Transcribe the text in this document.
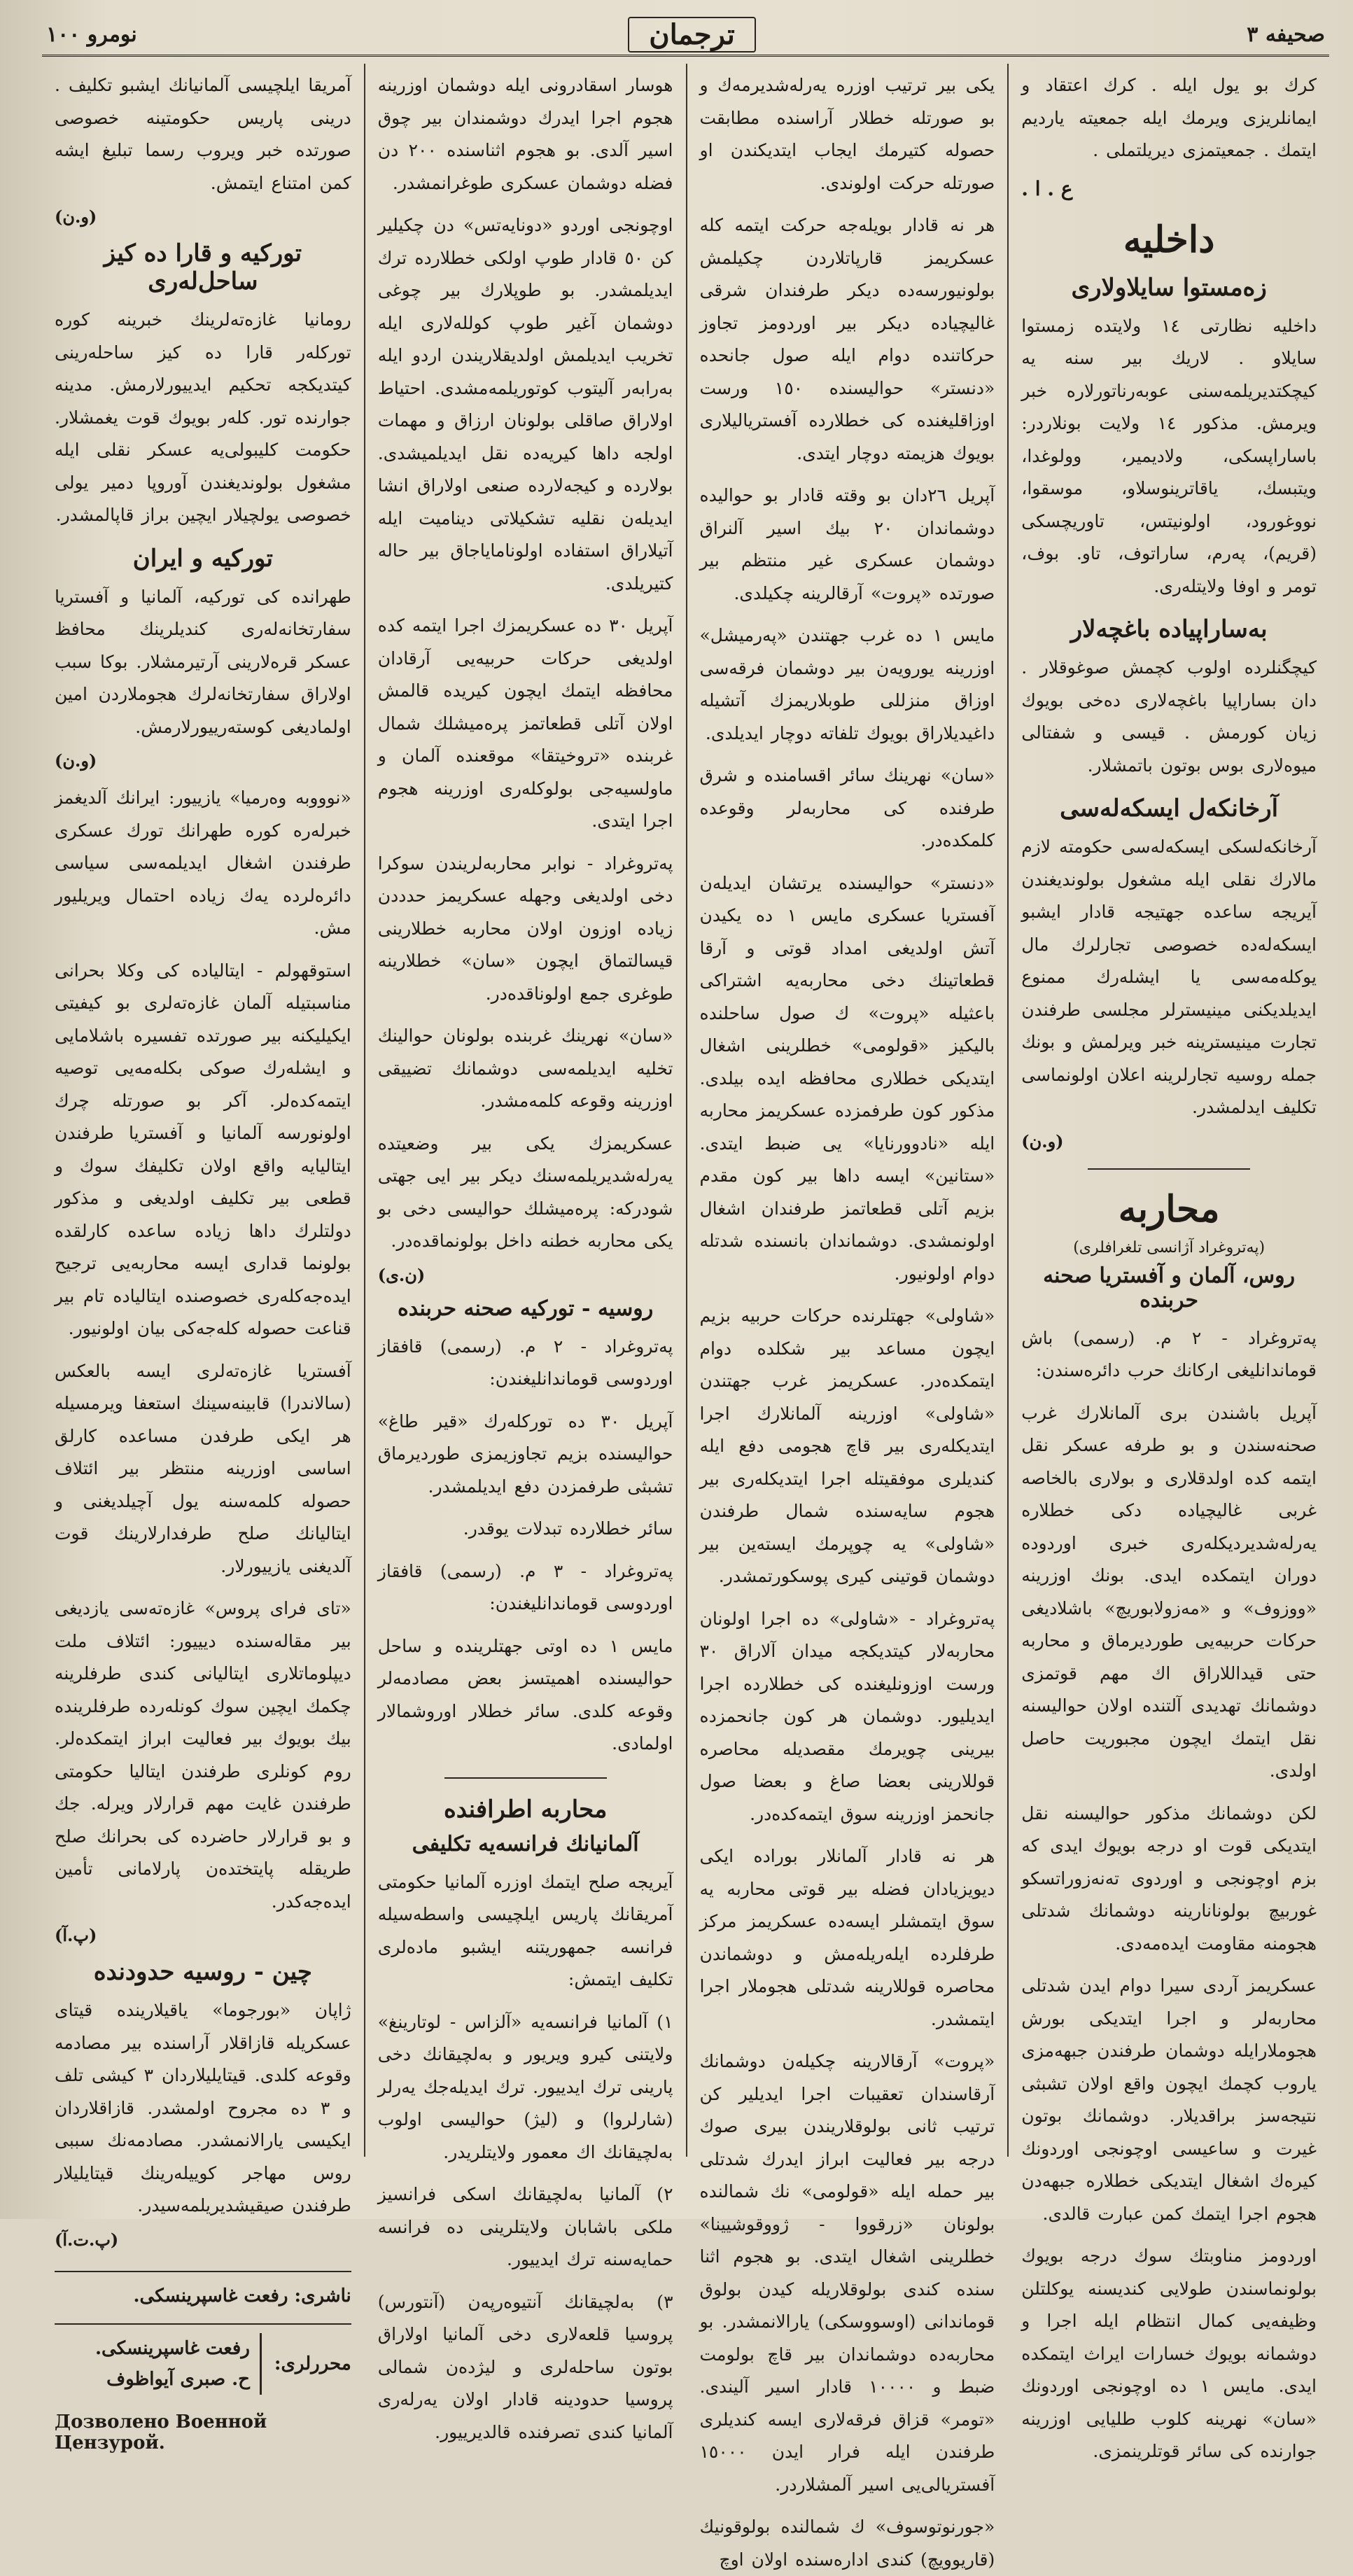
صحیفه ٣
ترجمان
نومرو ١٠٠

کرك بو یول ایله . کرك اعتقاد و ایمانلریزی ویرمك ایله جمعیته یاردیم ایتمك . جمعیتمزی دیریلتملی .

ع . ا .
داخلیه
زەمستوا سايلاولاری

داخلیه نظارتی ١٤ ولایتده زمستوا سایلاو . لاریك بیر سنه یه کیچکتدیریلمەسنی عوبەرناتورلاره خبر ویرمش. مذکور ١٤ ولایت بونلاردر: باساراپسکی، ولادیمیر، وولوغدا، ویتبسك، یاقاترینوسلاو، موسقوا، نووغورود، اولونیتس، تاوریچسکی (قریم)، پەرم، ساراتوف، تاو. بوف، تومر و اوفا ولایتلەری.

بەساراپیاده باغچەلار

کیچگنلرده اولوب کچمش صوغوقلار . دان بساراپیا باغچەلاری دەخی بویوك زیان کورمش . قیسی و شفتالی میوەلاری بوس بوتون باتمشلار.

آرخانکەل ایسکەلەسی

آرخانکەلسکی ایسکەلەسی حکومته لازم مالارك نقلی ایله مشغول بولوندیغندن آیریجه ساعده جهتیجه قادار ایشبو ایسکەلەده خصوصی تجارلرك مال یوکلەمەسی یا ایشلەرك ممنوع ایدیلدیکنی مینیسترلر مجلسی طرفندن تجارت مینیسترینه خبر ویرلمش و بونك جمله روسیه تجارلرینه اعلان اولونماسی تکلیف ایدلمشدر.

(و.ن)
محاربە
(پەتروغراد آژانسی تلغرافلری)
روس، آلمان و آفستریا صحنه حربنده

پەتروغراد - ٢ م. (رسمی) باش قوماندانلیغی ارکانك حرب دائرەسندن:

آپریل باشندن بری آلمانلارك غرب صحنەسندن و بو طرفه عسکر نقل ایتمه کده اولدقلاری و بولاری بالخاصه غربی غالیچیاده دکی خطلاره یەرلەشدیردیکلەری خبری اوردوده دوران ایتمکده ایدی. بونك اوزرینه «ووزوف» و «مەزولابوریچ» باشلادیغی حرکات حربیەیی طوردیرماق و محاربه حتی قیداللاراق اك مهم قوتمزی دوشمانك تهدیدی آلتنده اولان حوالیسنه نقل ایتمك ایچون مجبوریت حاصل اولدی.

لکن دوشمانك مذکور حوالیسنه نقل ایتدیکی قوت او درجه بویوك ایدی که بزم اوچونجی و اوردوی تەنەزوراتسکو غوربیچ بولونانارینه دوشمانك شدتلی هجومنه مقاومت ایده‌مەدی.

عسکریمز آردی سیرا دوام ایدن شدتلی محاربەلر و اجرا ایتدیکی بورش هجوملارایله دوشمان طرفندن جبهەمزی یاروب کچمك ایچون واقع اولان تشبثی نتیجەسز براقدیلار. دوشمانك بوتون غیرت و ساعیسی اوچونجی اوردونك کیرەك اشغال ایتدیکی خطلاره جبهەدن هجوم اجرا ایتمك کمن عبارت قالدی.

اوردومز مناوبتك سوك درجه بویوك بولونماسندن طولایی کندیسنه یوکلتلن وظیفه‌یی کمال انتظام ایله اجرا و دوشمانه بویوك خسارات ایراث ایتمکده ایدی. مایس ١ ده اوچونجی اوردونك «سان» نهرینه کلوب طلیایی اوزرینه جوارنده کی سائر قوتلرینمزی.

یکی بیر ترتیب اوزره یەرلەشدیرمەك و بو صورتله خطلار آراسنده مطابقت حصوله کتیرمك ایجاب ایتدیکندن او صورتله حرکت اولوندی.

هر نه قادار بویلەجه حرکت ایتمه کله عسکریمز قارپاتلاردن چکیلمش بولونیورسەده دیکر طرفندان شرقی غالیچیاده دیکر بیر اوردومز تجاوز حرکاتنده دوام ایله صول جانحده «دنستر» حوالیسنده ١٥٠ ورست اوزاقلیغنده کی خطلارده آفستریالیلاری بویوك هزیمته دوچار ایتدی.

آپریل ٢٦دان بو وقته قادار بو حوالیده دوشماندان ٢٠ بیك اسیر آلنراق دوشمان عسکری غیر منتظم بیر صورتده «پروت» آرقالرینه چکیلدی.

مایس ١ ده غرب جهتندن «پەرمیشل» اوزرینه یورویەن بیر دوشمان فرقەسی اوزاق منزللی طوبلاریمزك آتشیله داغیدیلاراق بویوك تلفاته دوچار ایدیلدی.

«سان» نهرینك سائر اقسامنده و شرق طرفنده کی محاربه‌لر وقوعده کلمکده‌در.

«دنستر» حوالیسنده یرتشان ایدیلەن آفستریا عسکری مایس ١ ده یکیدن آتش اولدیغی امداد قوتی و آرقا قطعاتینك دخی محاربه‌یه اشتراکی باعثیله «پروت» ك صول ساحلنده بالیکیز «قولومی» خطلرینی اشغال ایتدیکی خطلاری محافظه ایده بیلدی. مذکور کون طرفمزده عسکریمز محاربه ایله «نادوورنایا» یی ضبط ایتدی. «ستانین» ایسه داها بیر کون مقدم بزیم آتلی قطعاتمز طرفندان اشغال اولونمشدی. دوشماندان بانسنده شدتله دوام اولونیور.

«شاولی» جهتلرنده حرکات حربیه بزیم ایچون مساعد بیر شکلده دوام ایتمکده‌در. عسکریمز غرب جهتندن «شاولی» اوزرینه آلمانلارك اجرا ایتدیکلەری بیر قاچ هجومی دفع ایله کندیلری موفقیتله اجرا ایتدیکلەری بیر هجوم سایەسنده شمال طرفندن «شاولی» یه چوپرمك ایسته‌ین بیر دوشمان قوتینی کیری پوسکورتمشدر.

پەتروغراد - «شاولی» ده اجرا اولونان محاربه‌لار کیتدیکجه میدان آلاراق ٣٠ ورست اوزونلیغنده کی خطلارده اجرا ایدیلیور. دوشمان هر کون جانحمزده بیرینی چویرمك مقصدیله محاصره قوللارینی بعضا صاغ و بعضا صول جانحمز اوزرینه سوق ایتمه‌کده‌در.

هر نه قادار آلمانلار بوراده ایکی دیویزیادان فضله بیر قوتی محاربه یه سوق ایتمشلر ایسه‌ده عسکریمز مرکز طرفلرده ایله‌ریله‌مش و دوشماندن محاصره قوللارینه شدتلی هجوملار اجرا ایتمشدر.

«پروت» آرقالارینه چکیله‌ن دوشمانك آرقاسندان تعقیبات اجرا ایدیلیر کن ترتیب ثانی بولوقلاریندن بیری صوك درجه بیر فعالیت ابراز ایدرك شدتلی بیر حمله ایله «قولومی» نك شمالنده بولونان «زرقووا - ژووقوشیینا» خطلرینی اشغال ایتدی. بو هجوم اثنا سنده کندی بولوقلاریله کیدن بولوق قوماندانی (اوسووسکی) یارالانمشدر. بو محاربه‌ده دوشماندان بیر قاچ بولومت ضبط و ١٠٠٠٠ قادار اسیر آلیندی. «تومر» قزاق فرقه‌لاری ایسه کندیلری طرفندن ایله فرار ایدن ١٥٠٠٠ آفستریالی‌یی اسیر آلمشلاردر.

«جورنوتوسوف» ك شمالنده بولوقونیك (قاریوویچ) کندی ادارەسنده اولان اوچ

هوسار اسقادرونی ایله دوشمان اوزرینه هجوم اجرا ایدرك دوشمندان بیر چوق اسیر آلدی. بو هجوم اثناسنده ٢٠٠ دن فضله دوشمان عسکری طوغرانمشدر.

اوچونجی اوردو «دونایەتس» دن چکیلیر کن ٥٠ قادار طوپ اولکی خطلارده ترك ایدیلمشدر. بو طوپلارك بیر چوغی دوشمان آغیر طوپ کولله‌لاری ایله تخریب ایدیلمش اولدیقلاریندن اردو ایله بەرابەر آلیتوب کوتوریلمەمشدی. احتیاط اولاراق صاقلی بولونان ارزاق و مهمات اولجه داها کیریه‌ده نقل ایدیلمیشدی. بولارده و کیجەلارده صنعی اولاراق انشا ایدیلەن نقلیه تشکیلاتی دیناميت ایله آتیلاراق استفاده اولونامایاجاق بیر حاله کتیریلدی.

آپریل ٣٠ ده عسکریمزك اجرا ایتمه کده اولدیغی حرکات حربیه‌یی آرقادان محافظه ایتمك ایچون کیریده قالمش اولان آتلی قطعاتمز پرەمیشلك شمال غربنده «تروخیتقا» موقعنده آلمان و ماولسیه‌جی بولوکلەری اوزرینه هجوم اجرا ایتدی.

پەتروغراد - نوابر محاربه‌لریندن سوکرا دخی اولدیغی وجهله عسکریمز حدددن زیاده اوزون اولان محاربه خطلارینی قیسالتماق ایچون «سان» خطلارینه طوغری جمع اولوناقدەدر.

«سان» نهرینك غربنده بولونان حوالینك تخلیه ایدیلمەسی دوشمانك تضییقی اوزرینه وقوعه کلمه‌مشدر.

عسکریمزك یکی بیر وضعیتده یه‌رله‌شدیریلمەسنك دیکر بیر ایی جهتی شودر‌که: پرەمیشلك حوالیسی دخی بو یکی محاربه خطنه داخل بولونماقده‌در.

(ن.ی)
روسیه - تورکیه صحنه حربنده

پەتروغراد - ٢ م. (رسمی) قافقاز اوردوسی قوماندانلیغندن:

آپریل ٣٠ ده تورکلەرك «قیر طاغ» حوالیسنده بزیم تجاوزیمزی طوردیرماق تشبثی طرفمزدن دفع ایدیلمشدر.

سائر خطلارده تبدلات یوقدر.

پەتروغراد - ٣ م. (رسمی) قافقاز اوردوسی قوماندانلیغندن:

مایس ١ ده اوتی جهتلرینده و ساحل حوالیسنده اهمیتسز بعض مصادمه‌لر وقوعه کلدی. سائر خطلار اوروشمالار اولمادی.

محاربه اطرافنده
آلمانیانك فرانسه‌یه تکلیفی

آیریجه صلح ایتمك اوزره آلمانیا حکومتی آمریقانك پاریس ایلچیسی واسطەسیله فرانسه جمهوریتنه ایشبو ماده‌لری تکلیف ایتمش:

١) آلمانیا فرانسه‌یه «آلزاس - لوتارینغ» ولایتنی کیرو ویریور و بەلچیقانك دخی پارینی ترك ایدییور. ترك ایدیلەجك یه‌رلر (شارلروا) و (لیژ) حوالیسی اولوب بەلچیقانك اك معمور ولایتلریدر.

٢) آلمانیا بەلچیقانك اسکی فرانسیز ملکی باشابان ولایتلرینی ده فرانسه حمایه‌سنه ترك ایدییور.

٣) بەلچیقانك آنتیوەرپه‌ن (آنتورس) پروسیا قلعه‌لاری دخی آلمانیا اولاراق بوتون ساحله‌لری و لیژدەن شمالی پروسیا حدودینه قادار اولان یه‌رله‌ری آلمانیا کندی تصرفنده قالدیرییور.

آمریقا ایلچیسی آلمانیانك ایشبو تکلیف . درینی پاریس حکومتینه خصوصی صورتده خبر ویروب رسما تبلیغ ایشه کمن امتناع ایتمش.

(و.ن)
تورکیه و قارا ده کیز ساحل‌لەری

رومانیا غازەته‌لرینك خبرینه کوره تورکلەر قارا ده کیز ساحلەرینی کیتدیکجه تحکیم ایدییورلارمش. مدینه جوارنده تور. کلەر بویوك قوت یغمشلار. حکومت کلیبولی‌یه عسکر نقلی ایله مشغول بولوندیغندن آوروپا دمیر یولی خصوصی یولچیلار ایچین براز قاپالمشدر.

تورکیه و ایران

طهرانده کی تورکیه، آلمانیا و آفستریا سفارتخانه‌لەری کندیلرینك محافظ عسکر قره‌لارینی آرتیرمشلار. بوکا سبب اولاراق سفارتخانه‌لرك هجوملاردن امین اولمادیغی کوسته‌رییورلارمش.

(و.ن)

«نوووبه وەرمیا» یازییور: ایرانك آلدیغمز خبرلەره کوره طهرانك تورك عسکری طرفندن اشغال ایدیلمەسی سیاسی دائرەلرده یه‌ك زیاده احتمال ویریلیور مش.

استوقهولم - ایتالیاده کی وکلا بحرانی مناسبتیله آلمان غازەته‌لری بو کیفیتی ایکیلیکنه بیر صورتده تفسیره باشلامایی و ایشلەرك صوکی بکله‌مه‌یی توصیه ایتمه‌کده‌لر. آکر بو صورتله چرك اولونورسه آلمانیا و آفستریا طرفندن ایتالیایه واقع اولان تکلیفك سوك و قطعی بیر تکلیف اولدیغی و مذکور دولتلرك داها زیاده ساعده کارلقده بولونما قداری ایسه محاربه‌یی ترجیح ایده‌جه‌کلەری خصوصنده ایتالیاده تام بیر قناعت حصوله کله‌جه‌کی بیان اولونیور.

آفستریا غازەته‌لری ایسه بالعکس (سالاندرا) قابینه‌سینك استعفا ویرمسیله هر ایکی طرفدن مساعده کارلق اساسی اوزرینه منتظر بیر ائتلاف حصوله کلمه‌سنه یول آچیلدیغنی و ایتالیانك صلح طرفدارلارینك قوت آلدیغنی یازییورلار.

«تای فرای پروس» غازەته‌سی یازدیغی بیر مقاله‌سنده دیییور: ائتلاف ملت دیپلوماتلاری ایتالیانی کندی طرفلرینه چکمك ایچین سوك کونلەرده طرفلرینده بیك بویوك بیر فعالیت ابراز ایتمکده‌لر. روم کونلری طرفندن ایتالیا حکومتی طرفندن غایت مهم قرارلار ویرلە. جك و بو قرارلار حاضرده کی بحرانك صلح طریقله پایتختده‌ن پارلامانی تأمین ایده‌جه‌کدر.

(پ.آ)
چین - روسیه حدودنده

ژاپان «بورجوما» یاقیلارینده قیتای عسکریله قازاقلار آراسنده بیر مصادمه وقوعه کلدی. قیتایلیلاردان ٣ کیشی تلف و ٣ ده مجروح اولمشدر. قازاقلاردان ایکیسی یارالانمشدر. مصادمه‌نك سببی روس مهاجر کوییله‌رینك قیتایلیلار طرفندن صیقیشدیریلمه‌سیدر.

(پ.ت.آ)
ناشری: رفعت غاسپرینسکی.
محررلری:
رفعت غاسپرینسکی.
ح. صبری آیواظوف
Дозволено Военной Цензурой.
